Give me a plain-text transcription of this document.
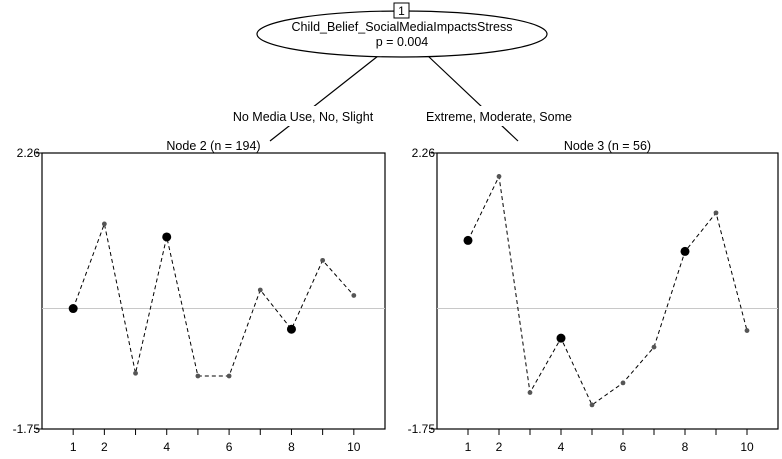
1
Child_Belief_SocialMediaImpactsStress
p = 0.004
No Media Use, No, Slight	Extreme, Moderate, Some
Node 2 (n = 194)
2.26
-1.75
1 2	4	6	8	10
Node 3 (n = 56)
2.26
-1.75
1 2	4	6	8	10
